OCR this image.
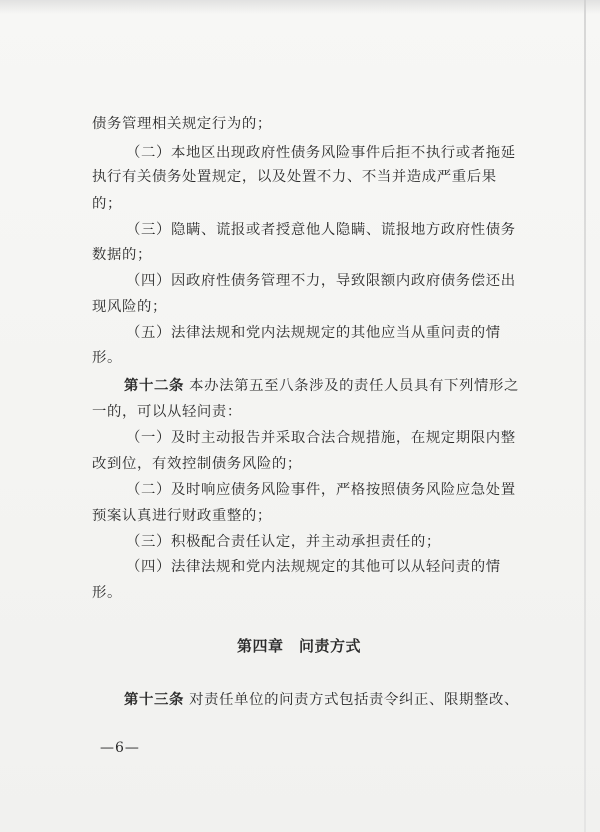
债务管理相关规定行为的；
（二）本地区出现政府性债务风险事件后拒不执行或者拖延
执行有关债务处置规定，以及处置不力、不当并造成严重后果
的；
（三）隐瞒、谎报或者授意他人隐瞒、谎报地方政府性债务
数据的；
（四）因政府性债务管理不力，导致限额内政府债务偿还出
现风险的；
（五）法律法规和党内法规规定的其他应当从重问责的情
形。
第十二条 本办法第五至八条涉及的责任人员具有下列情形之
一的，可以从轻问责：
（一）及时主动报告并采取合法合规措施，在规定期限内整
改到位，有效控制债务风险的；
（二）及时响应债务风险事件，严格按照债务风险应急处置
预案认真进行财政重整的；
（三）积极配合责任认定，并主动承担责任的；
（四）法律法规和党内法规规定的其他可以从轻问责的情
形。
第四章　问责方式
第十三条 对责任单位的问责方式包括责令纠正、限期整改、
—6—
